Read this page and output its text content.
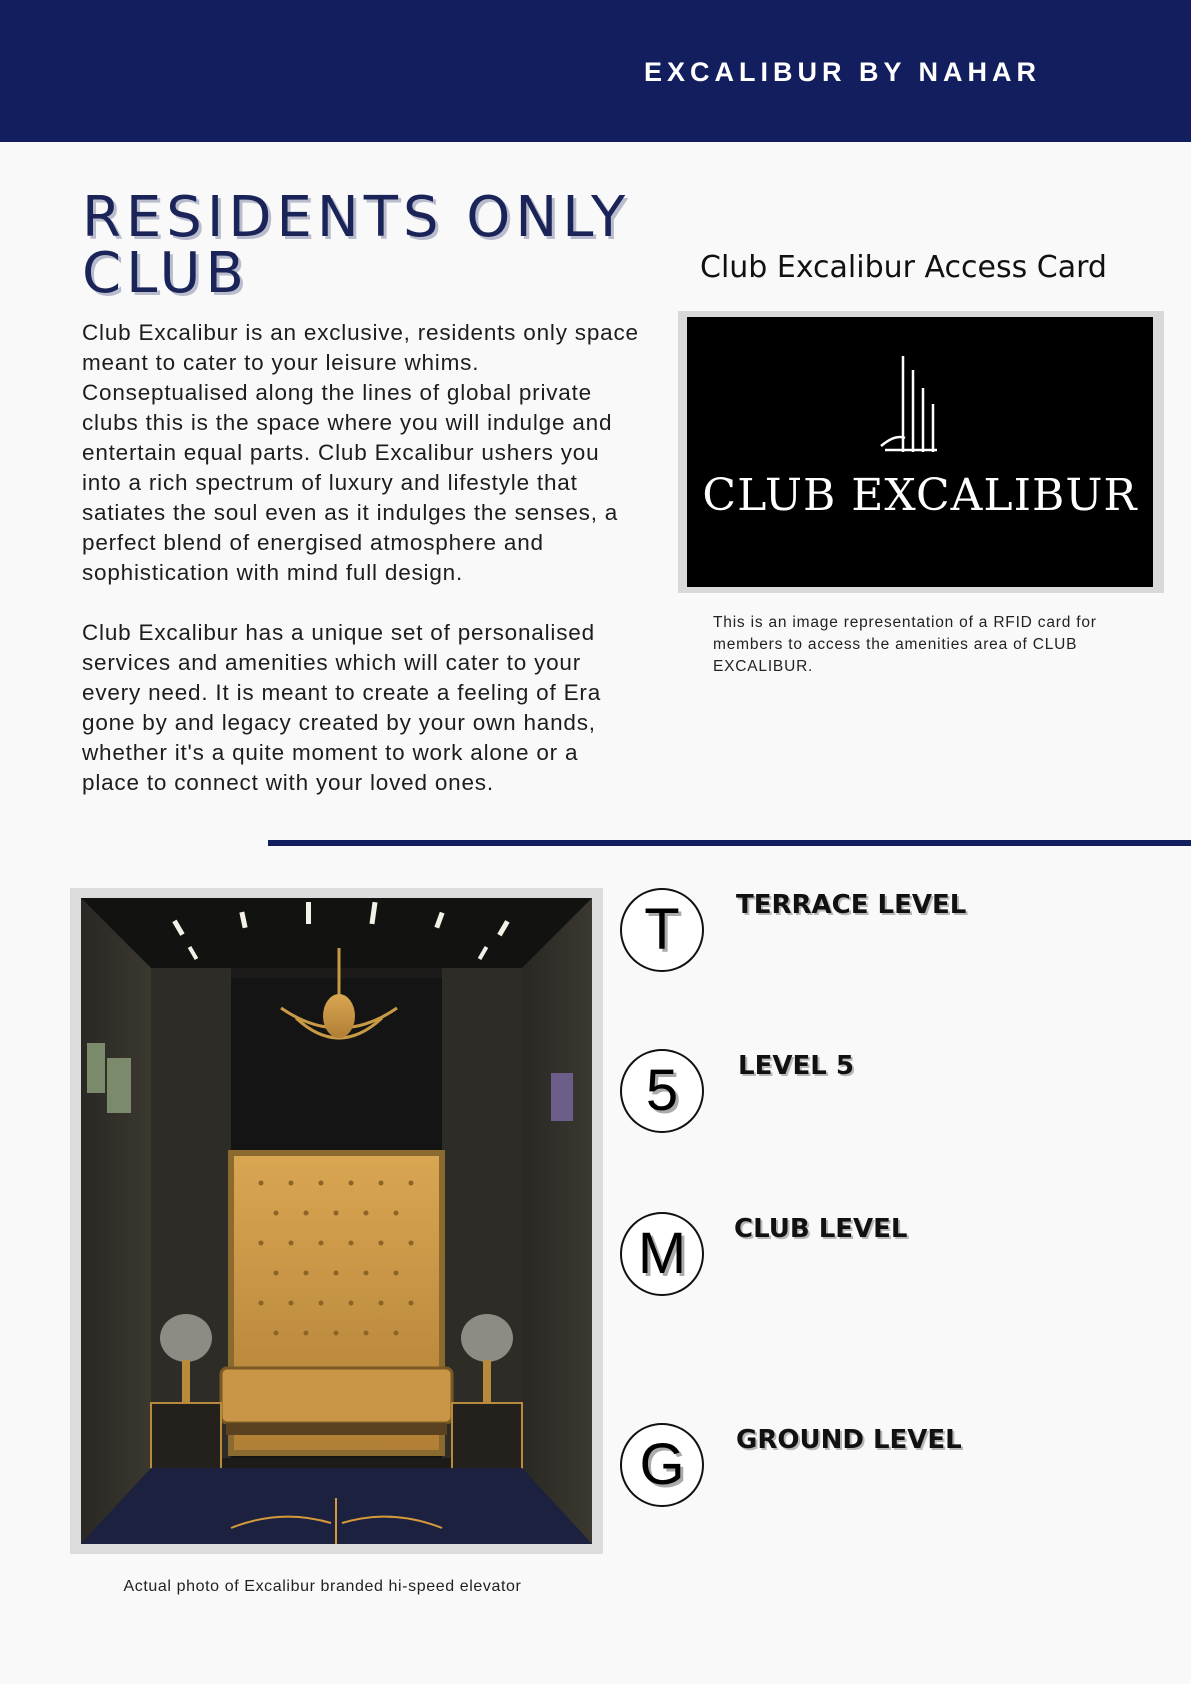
EXCALIBUR BY NAHAR
RESIDENTS ONLY CLUB

Club Excalibur is an exclusive, residents only space meant to cater to your leisure whims. Conseptualised along the lines of global private clubs this is the space where you will indulge and entertain equal parts. Club Excalibur ushers you into a rich spectrum of luxury and lifestyle that satiates the soul even as it indulges the senses, a perfect blend of energised atmosphere and sophistication with mind full design.

Club Excalibur has a unique set of personalised services and amenities which will cater to your every need. It is meant to create a feeling of Era gone by and legacy created by your own hands, whether it's a quite moment to work alone or a place to connect with your loved ones.

Club Excalibur Access Card
CLUB EXCALIBUR
This is an image representation of a RFID card for members to access the amenities area of CLUB EXCALIBUR.
Actual photo of Excalibur branded hi-speed elevator
T	TERRACE LEVEL
5	LEVEL 5
M	CLUB LEVEL
G	GROUND LEVEL
